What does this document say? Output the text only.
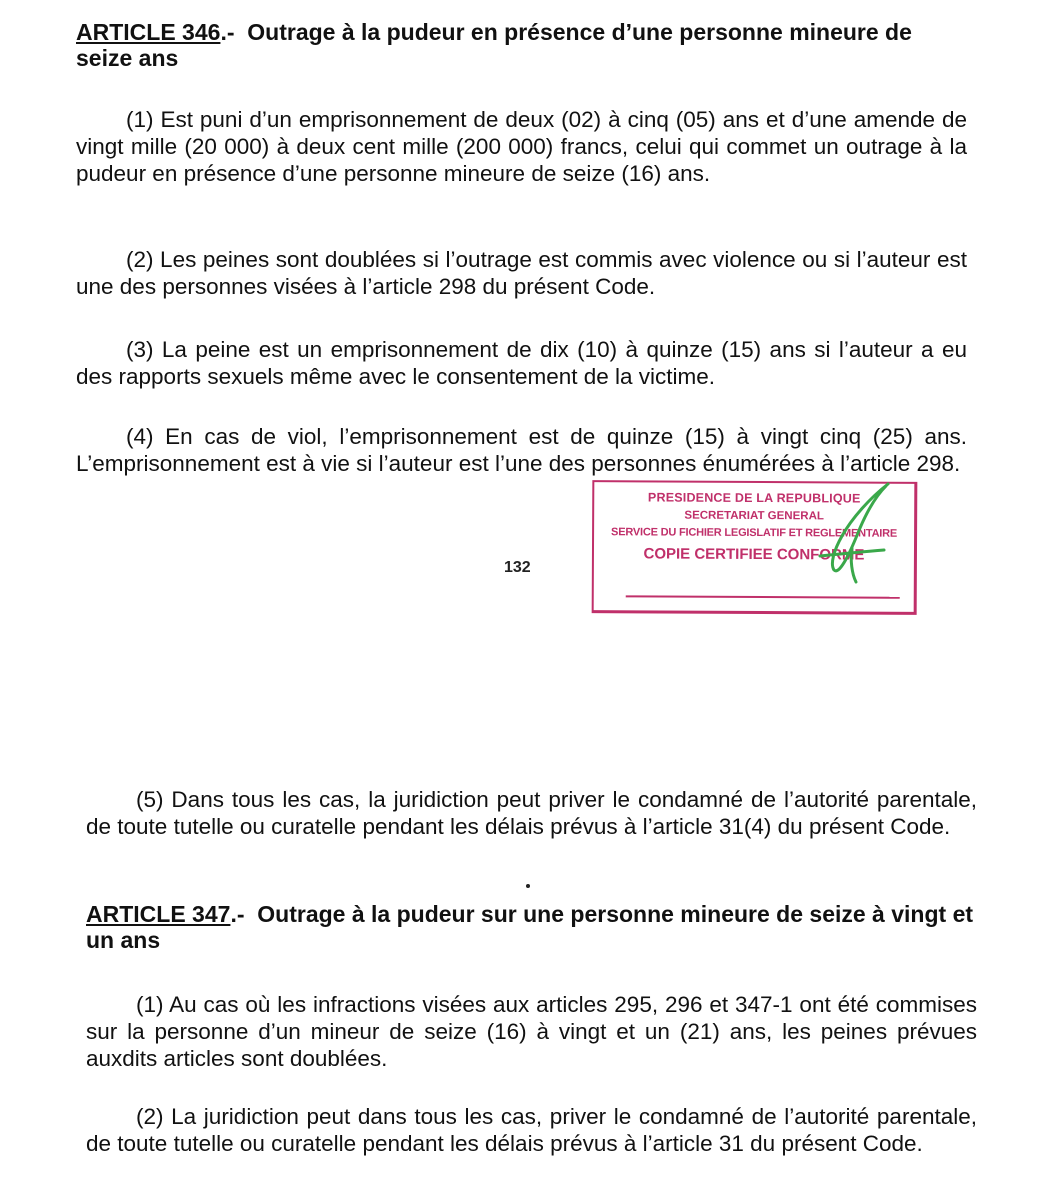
ARTICLE 346.- Outrage à la pudeur en présence d’une personne mineure de seize ans

(1) Est puni d’un emprisonnement de deux (02) à cinq (05) ans et d’une amende de vingt mille (20 000) à deux cent mille (200 000) francs, celui qui commet un outrage à la pudeur en présence d’une personne mineure de seize (16) ans.

(2) Les peines sont doublées si l’outrage est commis avec violence ou si l’auteur est une des personnes visées à l’article 298 du présent Code.

(3) La peine est un emprisonnement de dix (10) à quinze (15) ans si l’auteur a eu des rapports sexuels même avec le consentement de la victime.

(4) En cas de viol, l’emprisonnement est de quinze (15) à vingt cinq (25) ans. L’emprisonnement est à vie si l’auteur est l’une des personnes énumérées à l’article 298.

132
PRESIDENCE DE LA REPUBLIQUE
SECRETARIAT GENERAL
SERVICE DU FICHIER LEGISLATIF ET REGLEMENTAIRE
COPIE CERTIFIEE CONFORME

(5) Dans tous les cas, la juridiction peut priver le condamné de l’autorité parentale, de toute tutelle ou curatelle pendant les délais prévus à l’article 31(4) du présent Code.

ARTICLE 347.- Outrage à la pudeur sur une personne mineure de seize à vingt et un ans

(1) Au cas où les infractions visées aux articles 295, 296 et 347-1 ont été commises sur la personne d’un mineur de seize (16) à vingt et un (21) ans, les peines prévues auxdits articles sont doublées.

(2) La juridiction peut dans tous les cas, priver le condamné de l’autorité parentale, de toute tutelle ou curatelle pendant les délais prévus à l’article 31 du présent Code.
